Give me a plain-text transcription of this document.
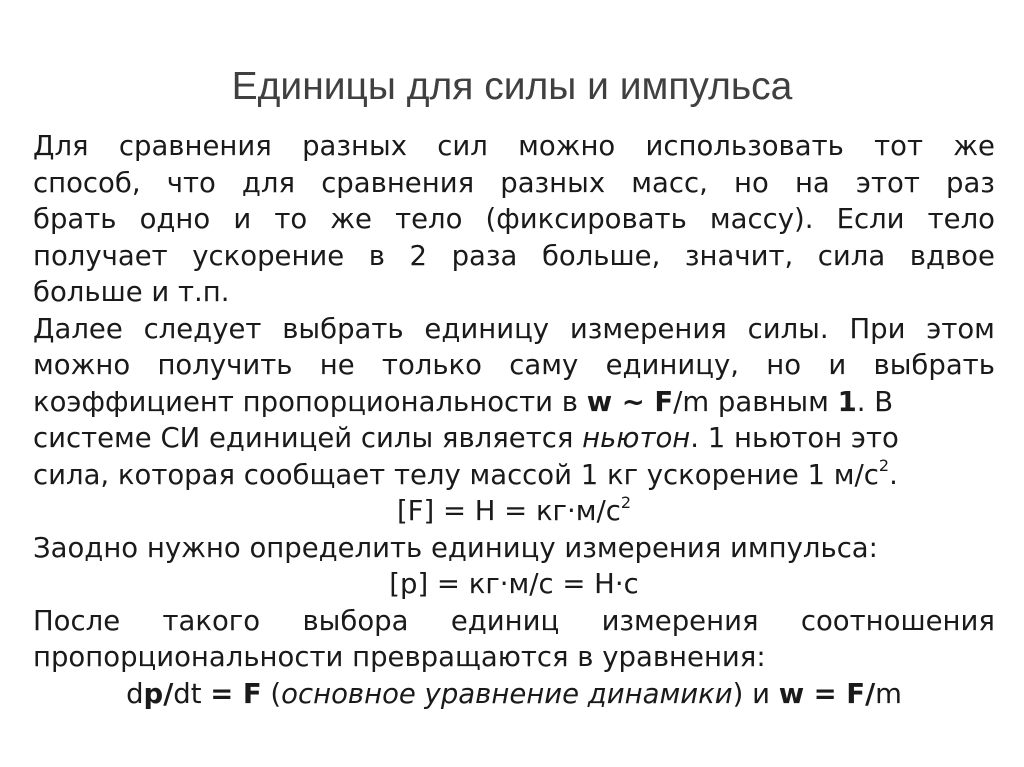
Единицы для силы и импульса
Для сравнения разных сил можно использовать тот же
способ, что для сравнения разных масс, но на этот раз
брать одно и то же тело (фиксировать массу). Если тело
получает ускорение в 2 раза больше, значит, сила вдвое
больше и т.п.
Далее следует выбрать единицу измерения силы. При этом
можно получить не только саму единицу, но и выбрать
коэффициент пропорциональности в w ~ F/m равным 1. В
системе СИ единицей силы является ньютон. 1 ньютон это
сила, которая сообщает телу массой 1 кг ускорение 1 $м/с^2$.
$[F] = Н = кг\cdot м/с^2$
Заодно нужно определить единицу измерения импульса:
[p] = кг·м/с = Н·с
После такого выбора единиц измерения соотношения
пропорциональности превращаются в уравнения:
dp/dt = F (основное уравнение динамики) и w = F/m
